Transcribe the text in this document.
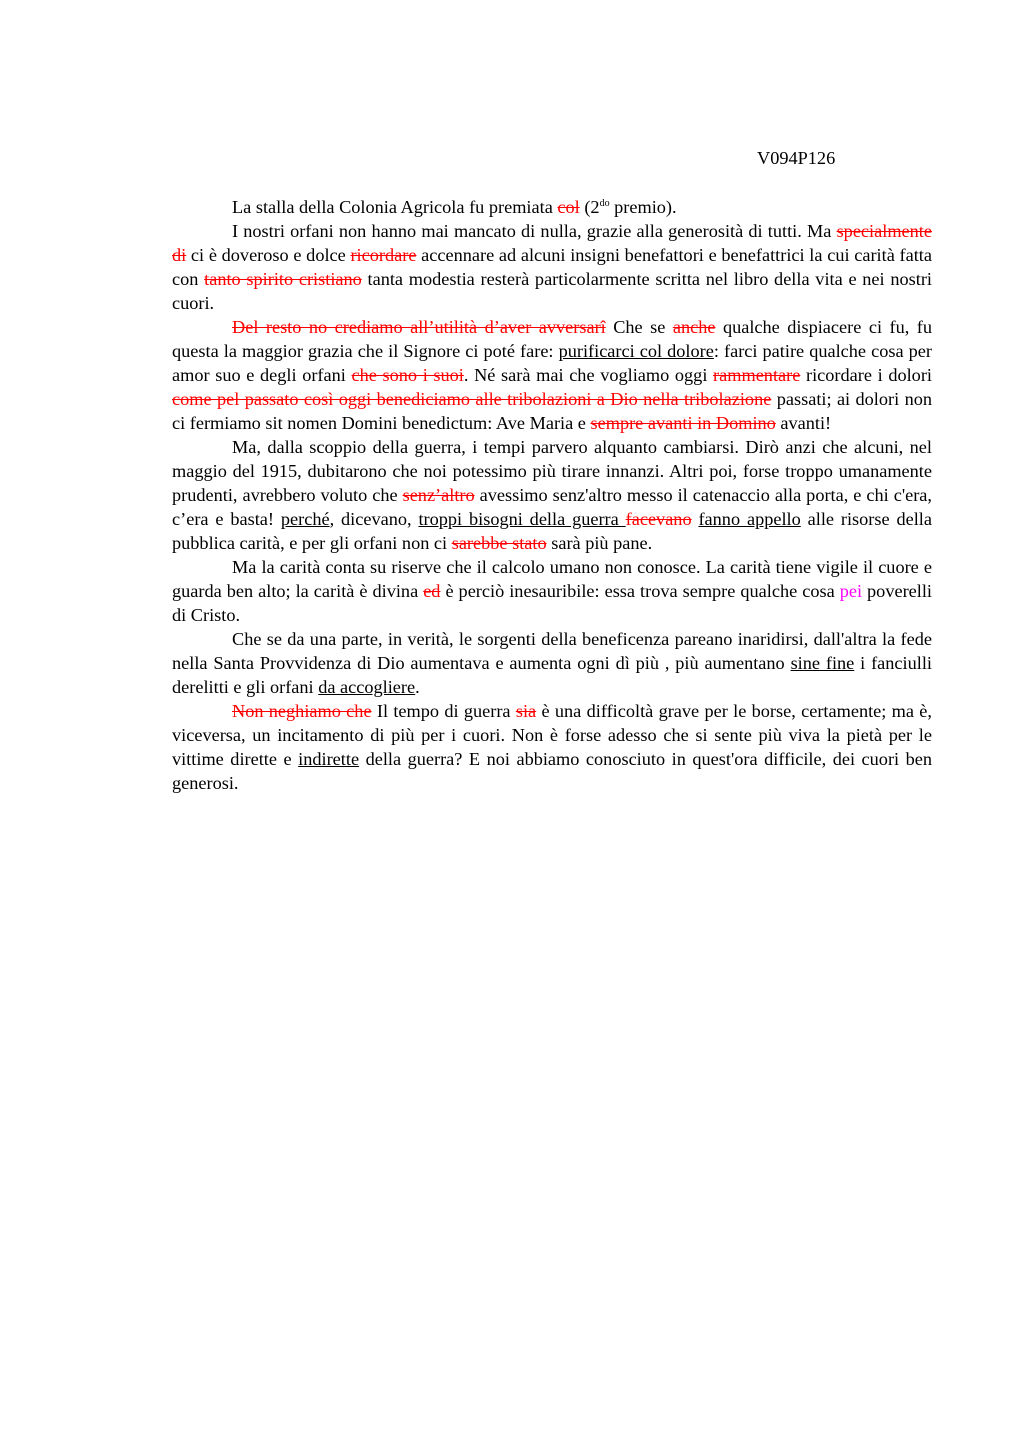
V094P126

La stalla della Colonia Agricola fu premiata col ($2^{do}$ premio).

I nostri orfani non hanno mai mancato di nulla, grazie alla generosità di tutti. Ma specialmente di ci è doveroso e dolce ricordare accennare ad alcuni insigni benefattori e benefattrici la cui carità fatta con tanto spirito cristiano tanta modestia resterà particolarmente scritta nel libro della vita e nei nostri cuori.

Del resto no crediamo all’utilità d’aver avversarî Che se anche qualche dispiacere ci fu, fu questa la maggior grazia che il Signore ci poté fare: purificarci col dolore: farci patire qualche cosa per amor suo e degli orfani che sono i suoi. Né sarà mai che vogliamo oggi rammentare ricordare i dolori come pel passato così oggi benediciamo alle tribolazioni a Dio nella tribolazione passati; ai dolori non ci fermiamo sit nomen Domini benedictum: Ave Maria e sempre avanti in Domino avanti!

Ma, dalla scoppio della guerra, i tempi parvero alquanto cambiarsi. Dirò anzi che alcuni, nel maggio del 1915, dubitarono che noi potessimo più tirare innanzi. Altri poi, forse troppo umanamente prudenti, avrebbero voluto che senz’altro avessimo senz'altro messo il catenaccio alla porta, e chi c'era, c’era e basta! perché, dicevano, troppi bisogni della guerra facevano fanno appello alle risorse della pubblica carità, e per gli orfani non ci sarebbe stato sarà più pane.

Ma la carità conta su riserve che il calcolo umano non conosce. La carità tiene vigile il cuore e guarda ben alto; la carità è divina ed è perciò inesauribile: essa trova sempre qualche cosa pei poverelli di Cristo.

Che se da una parte, in verità, le sorgenti della beneficenza pareano inaridirsi, dall'altra la fede nella Santa Provvidenza di Dio aumentava e aumenta ogni dì più , più aumentano sine fine i fanciulli derelitti e gli orfani da accogliere.

Non neghiamo che Il tempo di guerra sia è una difficoltà grave per le borse, certamente; ma è, viceversa, un incitamento di più per i cuori. Non è forse adesso che si sente più viva la pietà per le vittime dirette e indirette della guerra? E noi abbiamo conosciuto in quest'ora difficile, dei cuori ben generosi.
